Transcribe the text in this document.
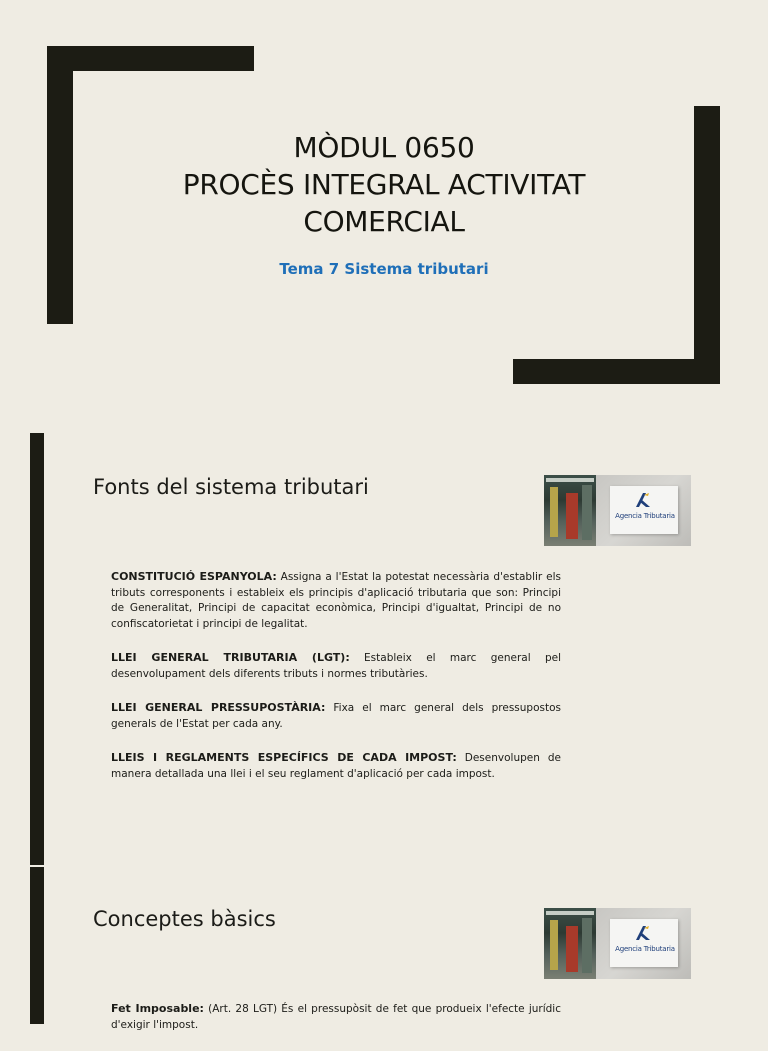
MÒDUL 0650
PROCÈS INTEGRAL ACTIVITAT
COMERCIAL
Tema 7 Sistema tributari
Fonts del sistema tributari
Agencia Tributaria

CONSTITUCIÓ ESPANYOLA: Assigna a l'Estat la potestat necessària d'establir els tributs corresponents i estableix els principis d'aplicació tributaria que son: Principi de Generalitat, Principi de capacitat econòmica, Principi d'igualtat, Principi de no confiscatorietat i principi de legalitat.

LLEI GENERAL TRIBUTARIA (LGT): Estableix el marc general pel desenvolupament dels diferents tributs i normes tributàries.

LLEI GENERAL PRESSUPOSTÀRIA: Fixa el marc general dels pressupostos generals de l'Estat per cada any.

LLEIS I REGLAMENTS ESPECÍFICS DE CADA IMPOST: Desenvolupen de manera detallada una llei i el seu reglament d'aplicació per cada impost.

Conceptes bàsics
Agencia Tributaria

Fet Imposable: (Art. 28 LGT) És el pressupòsit de fet que produeix l'efecte jurídic d'exigir l'impost.
